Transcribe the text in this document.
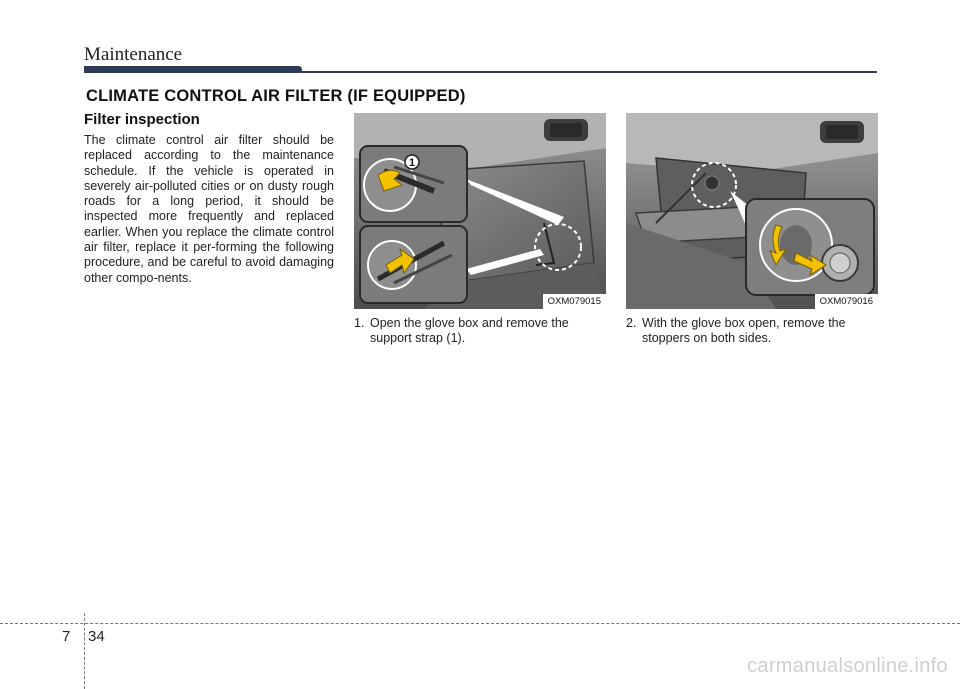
Maintenance
CLIMATE CONTROL AIR FILTER (IF EQUIPPED)
Filter inspection
The climate control air filter should be replaced according to the maintenance schedule. If the vehicle is operated in severely air-polluted cities or on dusty rough roads for a long period, it should be inspected more frequently and replaced earlier. When you replace the climate control air filter, replace it per-forming the following procedure, and be careful to avoid damaging other compo-nents.
1
OXM079015	OXM079016
1. Open the glove box and remove the
support strap (1).
2. With the glove box open, remove the
stoppers on both sides.
7 34
carmanualsonline.info
